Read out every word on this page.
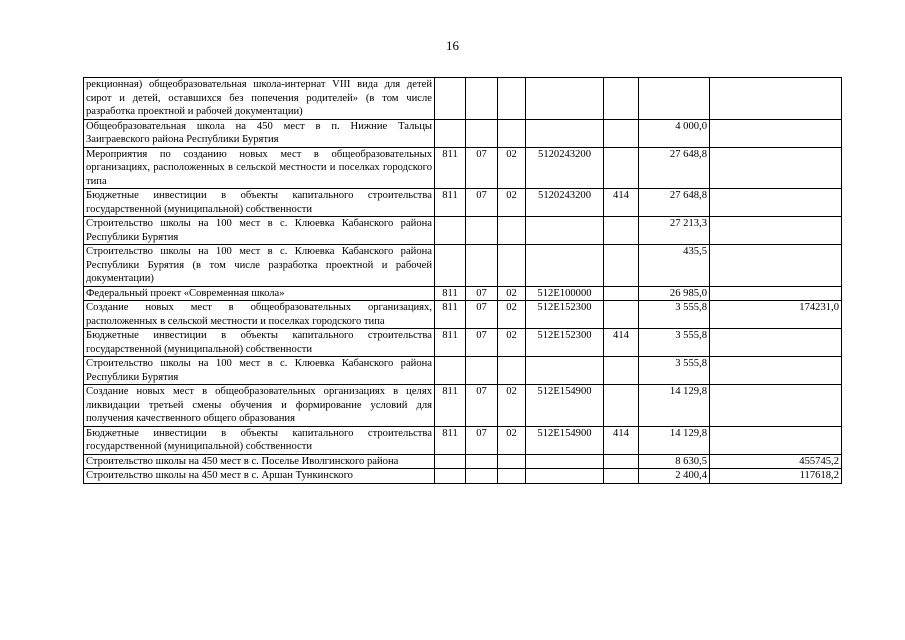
16
рекционная) общеобразовательная школа-интернат VIII вида для детей сирот и детей, оставшихся без попечения родителей» (в том числе разработка проектной и рабочей документации)							
Общеобразовательная школа на 450 мест в п. Нижние Тальцы Заиграевского района Республики Бурятия						4 000,0	
Мероприятия по созданию новых мест в общеобразовательных организациях, расположенных в сельской местности и поселках городского типа	811	07	02	5120243200		27 648,8	
Бюджетные инвестиции в объекты капитального строительства государственной (муниципальной) собственности	811	07	02	5120243200	414	27 648,8	
Строительство школы на 100 мест в с. Клюевка Кабанского района Республики Бурятия						27 213,3	
Строительство школы на 100 мест в с. Клюевка Кабанского района Республики Бурятия (в том числе разработка проектной и рабочей документации)						435,5	
Федеральный проект «Современная школа»	811	07	02	512E100000		26 985,0	
Создание новых мест в общеобразовательных организациях, расположенных в сельской местности и поселках городского типа	811	07	02	512E152300		3 555,8	174231,0
Бюджетные инвестиции в объекты капитального строительства государственной (муниципальной) собственности	811	07	02	512E152300	414	3 555,8	
Строительство школы на 100 мест в с. Клюевка Кабанского района Республики Бурятия						3 555,8	
Создание новых мест в общеобразовательных организациях в целях ликвидации третьей смены обучения и формирование условий для получения качественного общего образования	811	07	02	512E154900		14 129,8	
Бюджетные инвестиции в объекты капитального строительства государственной (муниципальной) собственности	811	07	02	512E154900	414	14 129,8	
Строительство школы на 450 мест в с. Поселье Иволгинского района						8 630,5	455745,2
Строительство школы на 450 мест в с. Аршан Тункинского						2 400,4	117618,2
